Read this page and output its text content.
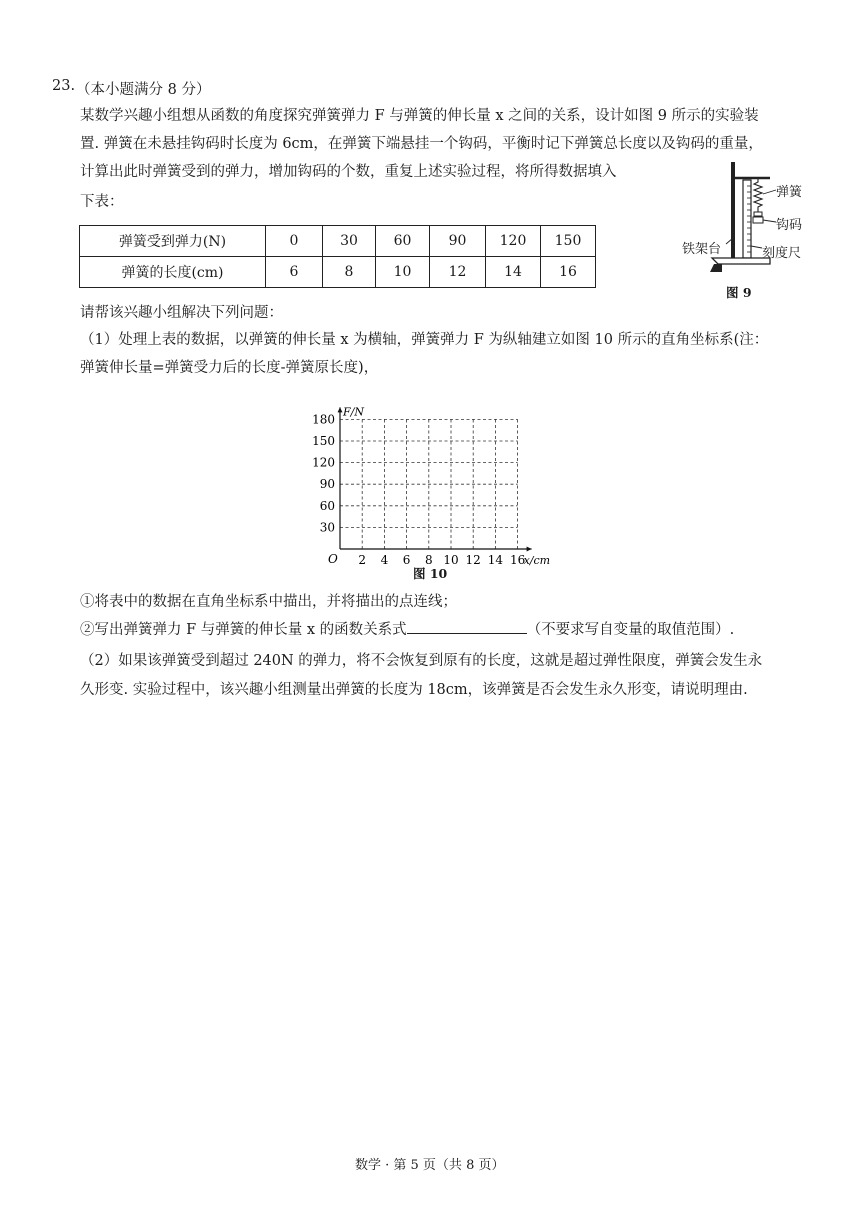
23. （本小题满分 8 分）
某数学兴趣小组想从函数的角度探究弹簧弹力 F 与弹簧的伸长量 x 之间的关系，设计如图 9 所示的实验装
置. 弹簧在未悬挂钩码时长度为 6cm，在弹簧下端悬挂一个钩码，平衡时记下弹簧总长度以及钩码的重量，
计算出此时弹簧受到的弹力，增加钩码的个数，重复上述实验过程，将所得数据填入
下表：
弹簧受到弹力(N)	0	30	60	90	120	150
弹簧的长度(cm)	6	8	10	12	14	16
弹簧
钩码
铁架台	刻度尺
图 9
请帮该兴趣小组解决下列问题：
（1）处理上表的数据，以弹簧的伸长量 x 为横轴，弹簧弹力 F 为纵轴建立如图 10 所示的直角坐标系(注：
弹簧伸长量=弹簧受力后的长度-弹簧原长度)，
2 4 6 8 10 12 14 16
30
60
90
120
150
180
F/N
x/cm
O
图 10
①将表中的数据在直角坐标系中描出，并将描出的点连线；
②写出弹簧弹力 F 与弹簧的伸长量 x 的函数关系式	（不要求写自变量的取值范围）.
（2）如果该弹簧受到超过 240N 的弹力，将不会恢复到原有的长度，这就是超过弹性限度，弹簧会发生永
久形变. 实验过程中，该兴趣小组测量出弹簧的长度为 18cm，该弹簧是否会发生永久形变，请说明理由.
数学 · 第 5 页（共 8 页）
